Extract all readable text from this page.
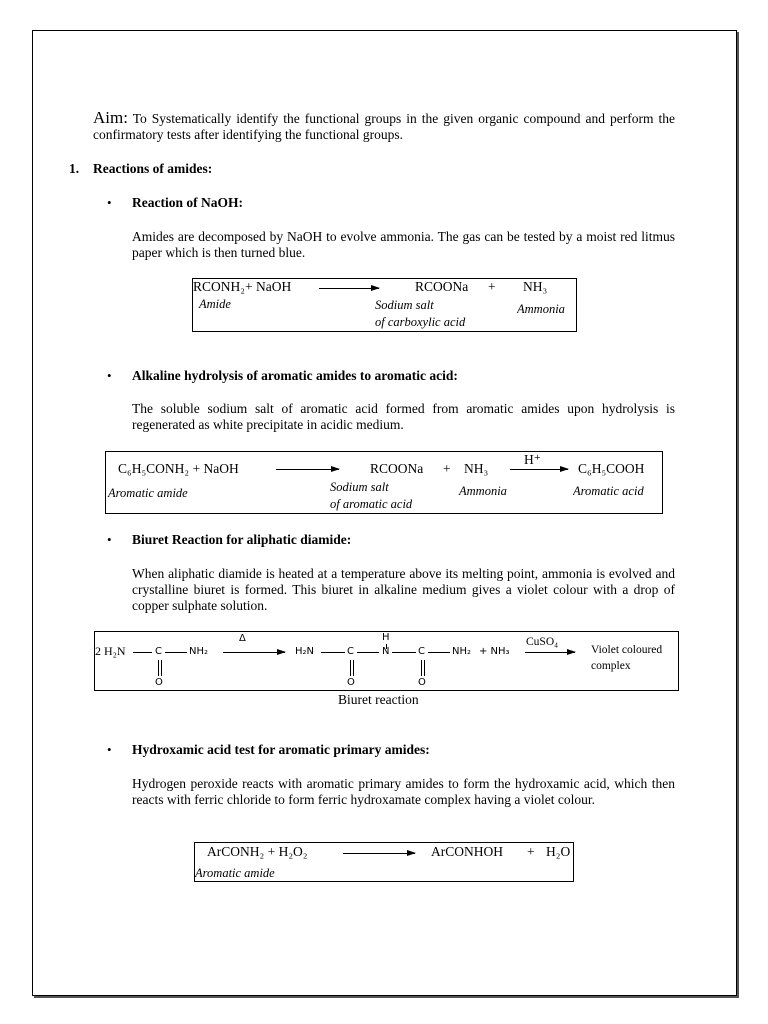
Aim: To Systematically identify the functional groups in the given organic compound and perform the confirmatory tests after identifying the functional groups.
1. Reactions of amides:
• Reaction of NaOH:
Amides are decomposed by NaOH to evolve ammonia. The gas can be tested by a moist red litmus paper which is then turned blue.
RCONH₂+ NaOH	RCOONa + NH₃
Amide	Sodium salt
of carboxylic acid
Ammonia
• Alkaline hydrolysis of aromatic amides to aromatic acid:
The soluble sodium salt of aromatic acid formed from aromatic amides upon hydrolysis is regenerated as white precipitate in acidic medium.
C₆H₅CONH₂ + NaOH	RCOONa + NH₃
H⁺
→ C₆H₅COOH
Aromatic amide	Sodium salt
of aromatic acid
Ammonia	Aromatic acid
• Biuret Reaction for aliphatic diamide:
When aliphatic diamide is heated at a temperature above its melting point, ammonia is evolved and crystalline biuret is formed. This biuret in alkaline medium gives a violet colour with a drop of copper sulphate solution.
2 H₂N	C	NH₂
O
Δ
→ H₂N	C
O
H
N	C
O
NH₂ + NH₃
CuSO₄
→ Violet coloured
complex
Biuret reaction
• Hydroxamic acid test for aromatic primary amides:
Hydrogen peroxide reacts with aromatic primary amides to form the hydroxamic acid, which then reacts with ferric chloride to form ferric hydroxamate complex having a violet colour.
ArCONH₂ + H₂O₂	ArCONHOH + H₂O
Aromatic amide
